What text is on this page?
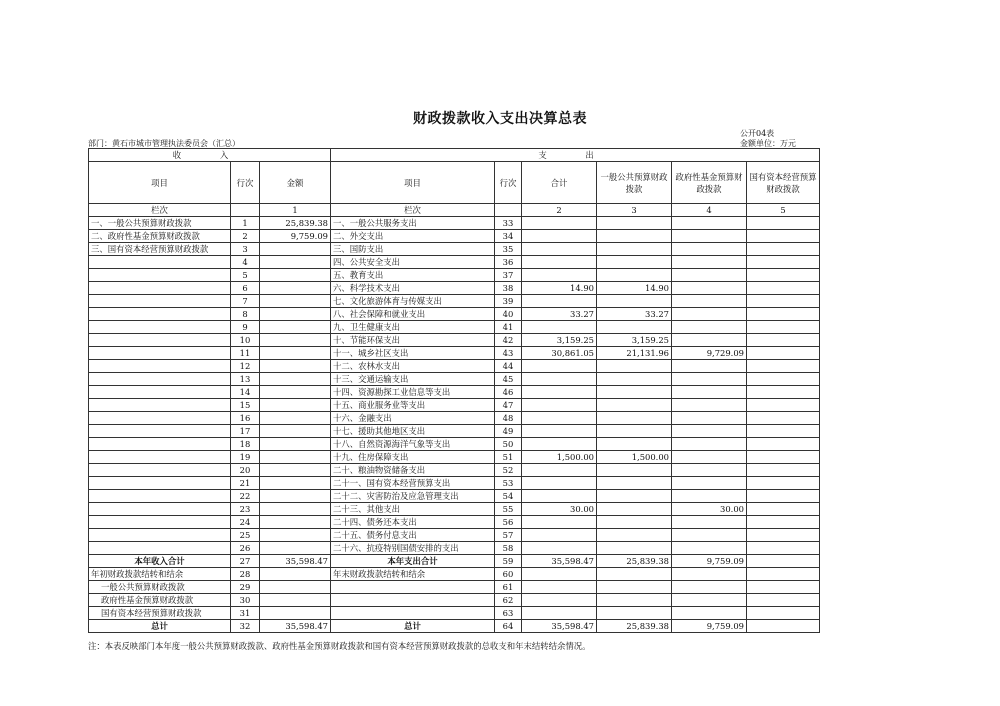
财政拨款收入支出决算总表
公开04表
部门：黄石市城市管理执法委员会（汇总）	金额单位：万元
收 入			支 出					
项目	行次	金额	项目	行次	合计	一般公共预算财政拨款	政府性基金预算财政拨款	国有资本经营预算财政拨款
栏次		1	栏次		2	3	4	5
一、一般公共预算财政拨款	1	25,839.38	一、一般公共服务支出	33				
二、政府性基金预算财政拨款	2	9,759.09	二、外交支出	34				
三、国有资本经营预算财政拨款	3		三、国防支出	35				
	4		四、公共安全支出	36				
	5		五、教育支出	37				
	6		六、科学技术支出	38	14.90	14.90		
	7		七、文化旅游体育与传媒支出	39				
	8		八、社会保障和就业支出	40	33.27	33.27		
	9		九、卫生健康支出	41				
	10		十、节能环保支出	42	3,159.25	3,159.25		
	11		十一、城乡社区支出	43	30,861.05	21,131.96	9,729.09	
	12		十二、农林水支出	44				
	13		十三、交通运输支出	45				
	14		十四、资源勘探工业信息等支出	46				
	15		十五、商业服务业等支出	47				
	16		十六、金融支出	48				
	17		十七、援助其他地区支出	49				
	18		十八、自然资源海洋气象等支出	50				
	19		十九、住房保障支出	51	1,500.00	1,500.00		
	20		二十、粮油物资储备支出	52				
	21		二十一、国有资本经营预算支出	53				
	22		二十二、灾害防治及应急管理支出	54				
	23		二十三、其他支出	55	30.00		30.00	
	24		二十四、债务还本支出	56				
	25		二十五、债务付息支出	57				
	26		二十六、抗疫特别国债安排的支出	58				
本年收入合计	27	35,598.47	本年支出合计	59	35,598.47	25,839.38	9,759.09	
年初财政拨款结转和结余	28		年末财政拨款结转和结余	60				
一般公共预算财政拨款	29			61				
政府性基金预算财政拨款	30			62				
国有资本经营预算财政拨款	31			63				
总计	32	35,598.47	总计	64	35,598.47	25,839.38	9,759.09	
注：本表反映部门本年度一般公共预算财政拨款、政府性基金预算财政拨款和国有资本经营预算财政拨款的总收支和年末结转结余情况。
